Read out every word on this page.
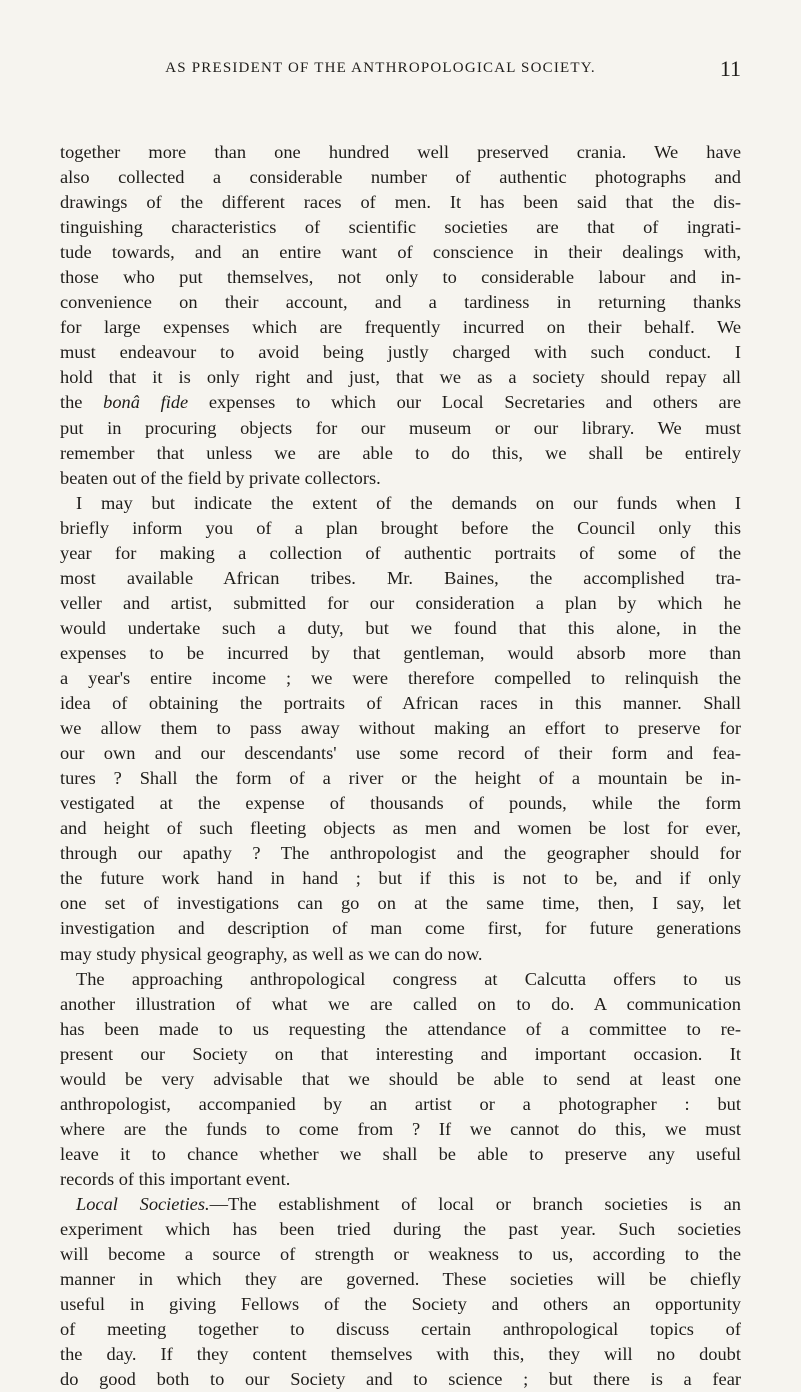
AS PRESIDENT OF THE ANTHROPOLOGICAL SOCIETY.	11
together more than one hundred well preserved crania. We have
also collected a considerable number of authentic photographs and
drawings of the different races of men. It has been said that the dis-
tinguishing characteristics of scientific societies are that of ingrati-
tude towards, and an entire want of conscience in their dealings with,
those who put themselves, not only to considerable labour and in-
convenience on their account, and a tardiness in returning thanks
for large expenses which are frequently incurred on their behalf. We
must endeavour to avoid being justly charged with such conduct. I
hold that it is only right and just, that we as a society should repay all
the bonâ fide expenses to which our Local Secretaries and others are
put in procuring objects for our museum or our library. We must
remember that unless we are able to do this, we shall be entirely
beaten out of the field by private collectors.
I may but indicate the extent of the demands on our funds when I
briefly inform you of a plan brought before the Council only this
year for making a collection of authentic portraits of some of the
most available African tribes. Mr. Baines, the accomplished tra-
veller and artist, submitted for our consideration a plan by which he
would undertake such a duty, but we found that this alone, in the
expenses to be incurred by that gentleman, would absorb more than
a year's entire income ; we were therefore compelled to relinquish the
idea of obtaining the portraits of African races in this manner. Shall
we allow them to pass away without making an effort to preserve for
our own and our descendants' use some record of their form and fea-
tures ? Shall the form of a river or the height of a mountain be in-
vestigated at the expense of thousands of pounds, while the form
and height of such fleeting objects as men and women be lost for ever,
through our apathy ? The anthropologist and the geographer should for
the future work hand in hand ; but if this is not to be, and if only
one set of investigations can go on at the same time, then, I say, let
investigation and description of man come first, for future generations
may study physical geography, as well as we can do now.
The approaching anthropological congress at Calcutta offers to us
another illustration of what we are called on to do. A communication
has been made to us requesting the attendance of a committee to re-
present our Society on that interesting and important occasion. It
would be very advisable that we should be able to send at least one
anthropologist, accompanied by an artist or a photographer : but
where are the funds to come from ? If we cannot do this, we must
leave it to chance whether we shall be able to preserve any useful
records of this important event.
Local Societies.—The establishment of local or branch societies is an
experiment which has been tried during the past year. Such societies
will become a source of strength or weakness to us, according to the
manner in which they are governed. These societies will be chiefly
useful in giving Fellows of the Society and others an opportunity
of meeting together to discuss certain anthropological topics of
the day. If they content themselves with this, they will no doubt
do good both to our Society and to science ; but there is a fear
